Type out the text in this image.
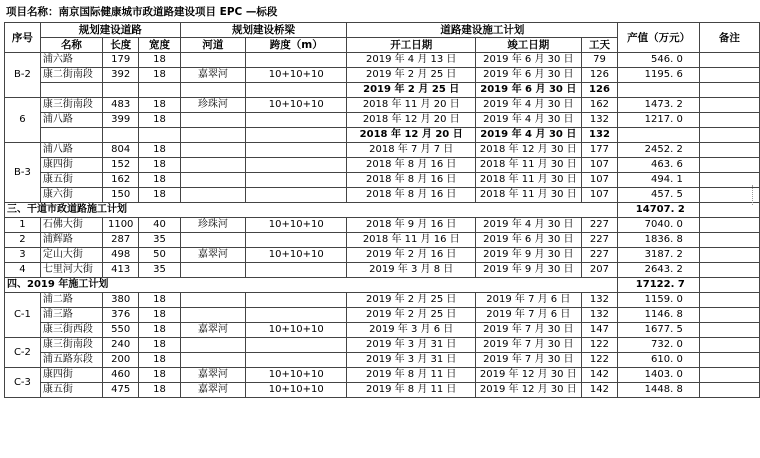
项目名称：南京国际健康城市政道路建设项目 EPC —标段
序号	规划建设道路			规划建设桥梁		道路建设施工计划			产值（万元）	备注
	名称	长度	宽度	河道	跨度（m）	开工日期	竣工日期	工天		
B-2	浦六路	179	18			2019 年 4 月 13 日	2019 年 6 月 30 日	79	546. 0	
	康二街南段	392	18	嘉翠河	10+10+10	2019 年 2 月 25 日	2019 年 6 月 30 日	126	1195. 6	
						2019 年 2 月 25 日	2019 年 6 月 30 日	126		
6	康三街南段	483	18	珍珠河	10+10+10	2018 年 11 月 20 日	2019 年 4 月 30 日	162	1473. 2	
	浦八路	399	18			2018 年 12 月 20 日	2019 年 4 月 30 日	132	1217. 0	
						2018 年 12 月 20 日	2019 年 4 月 30 日	132		
B-3	浦八路	804	18			2018 年 7 月 7 日	2018 年 12 月 30 日	177	2452. 2	
	康四街	152	18			2018 年 8 月 16 日	2018 年 11 月 30 日	107	463. 6	
	康五街	162	18			2018 年 8 月 16 日	2018 年 11 月 30 日	107	494. 1	
	康六街	150	18			2018 年 8 月 16 日	2018 年 11 月 30 日	107	457. 5	
三、干道市政道路施工计划									14707. 2	
1	石佛大街	1100	40	珍珠河	10+10+10	2018 年 9 月 16 日	2019 年 4 月 30 日	227	7040. 0	
2	浦辉路	287	35			2018 年 11 月 16 日	2019 年 6 月 30 日	227	1836. 8	
3	定山大街	498	50	嘉翠河	10+10+10	2019 年 2 月 16 日	2019 年 9 月 30 日	227	3187. 2	
4	七里河大街	413	35			2019 年 3 月 8 日	2019 年 9 月 30 日	207	2643. 2	
四、2019 年施工计划									17122. 7	
C-1	浦二路	380	18			2019 年 2 月 25 日	2019 年 7 月 6 日	132	1159. 0	
	浦三路	376	18			2019 年 2 月 25 日	2019 年 7 月 6 日	132	1146. 8	
	康三街西段	550	18	嘉翠河	10+10+10	2019 年 3 月 6 日	2019 年 7 月 30 日	147	1677. 5	
C-2	康三街南段	240	18			2019 年 3 月 31 日	2019 年 7 月 30 日	122	732. 0	
	浦五路东段	200	18			2019 年 3 月 31 日	2019 年 7 月 30 日	122	610. 0	
C-3	康四街	460	18	嘉翠河	10+10+10	2019 年 8 月 11 日	2019 年 12 月 30 日	142	1403. 0	
	康五街	475	18	嘉翠河	10+10+10	2019 年 8 月 11 日	2019 年 12 月 30 日	142	1448. 8	
